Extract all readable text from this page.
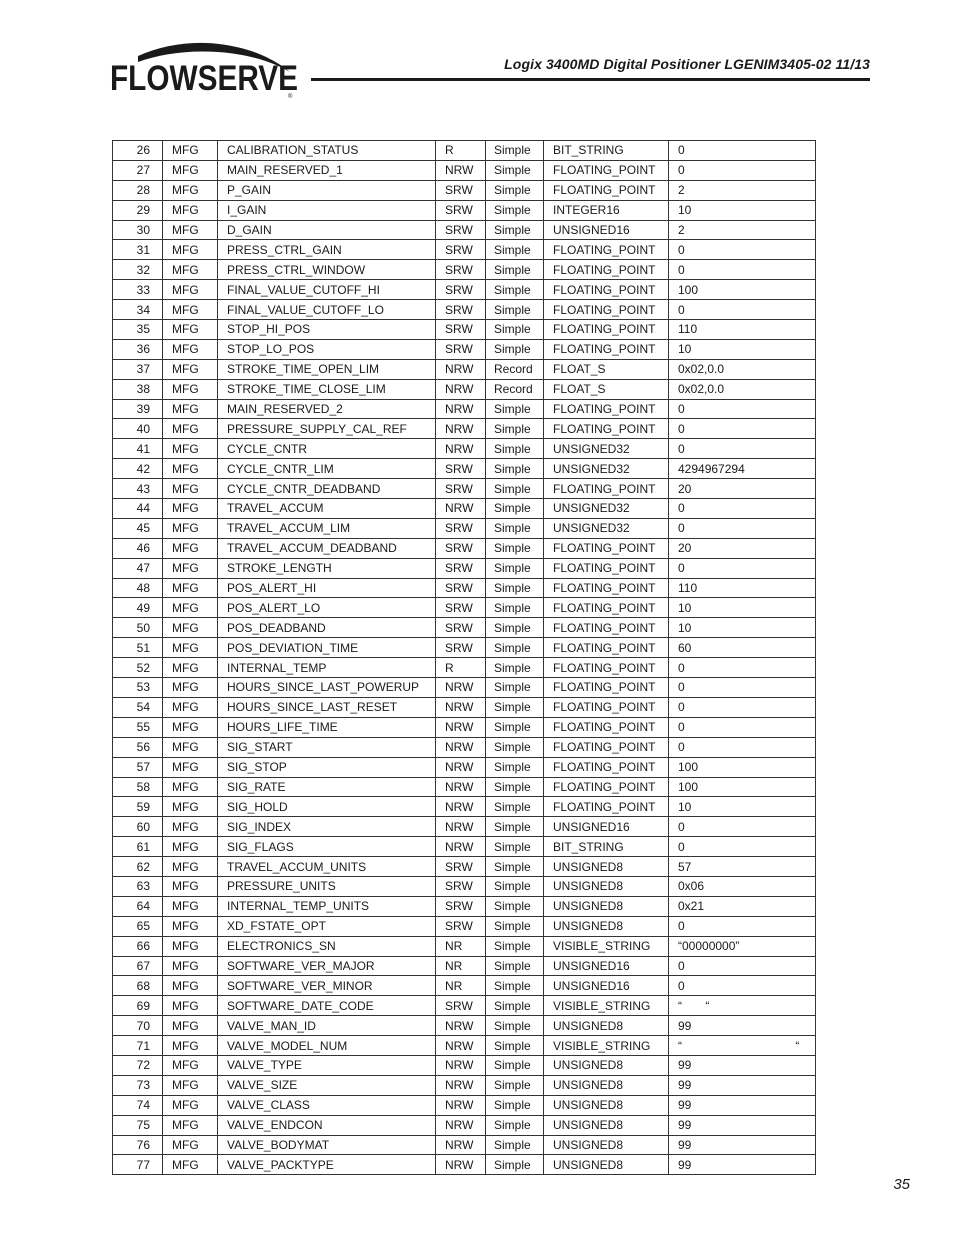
FLOWSERVE
®
Logix 3400MD Digital Positioner LGENIM3405-02 11/13
26	MFG	CALIBRATION_STATUS	R	Simple	BIT_STRING	0
27	MFG	MAIN_RESERVED_1	NRW	Simple	FLOATING_POINT	0
28	MFG	P_GAIN	SRW	Simple	FLOATING_POINT	2
29	MFG	I_GAIN	SRW	Simple	INTEGER16	10
30	MFG	D_GAIN	SRW	Simple	UNSIGNED16	2
31	MFG	PRESS_CTRL_GAIN	SRW	Simple	FLOATING_POINT	0
32	MFG	PRESS_CTRL_WINDOW	SRW	Simple	FLOATING_POINT	0
33	MFG	FINAL_VALUE_CUTOFF_HI	SRW	Simple	FLOATING_POINT	100
34	MFG	FINAL_VALUE_CUTOFF_LO	SRW	Simple	FLOATING_POINT	0
35	MFG	STOP_HI_POS	SRW	Simple	FLOATING_POINT	110
36	MFG	STOP_LO_POS	SRW	Simple	FLOATING_POINT	10
37	MFG	STROKE_TIME_OPEN_LIM	NRW	Record	FLOAT_S	0x02,0.0
38	MFG	STROKE_TIME_CLOSE_LIM	NRW	Record	FLOAT_S	0x02,0.0
39	MFG	MAIN_RESERVED_2	NRW	Simple	FLOATING_POINT	0
40	MFG	PRESSURE_SUPPLY_CAL_REF	NRW	Simple	FLOATING_POINT	0
41	MFG	CYCLE_CNTR	NRW	Simple	UNSIGNED32	0
42	MFG	CYCLE_CNTR_LIM	SRW	Simple	UNSIGNED32	4294967294
43	MFG	CYCLE_CNTR_DEADBAND	SRW	Simple	FLOATING_POINT	20
44	MFG	TRAVEL_ACCUM	NRW	Simple	UNSIGNED32	0
45	MFG	TRAVEL_ACCUM_LIM	SRW	Simple	UNSIGNED32	0
46	MFG	TRAVEL_ACCUM_DEADBAND	SRW	Simple	FLOATING_POINT	20
47	MFG	STROKE_LENGTH	SRW	Simple	FLOATING_POINT	0
48	MFG	POS_ALERT_HI	SRW	Simple	FLOATING_POINT	110
49	MFG	POS_ALERT_LO	SRW	Simple	FLOATING_POINT	10
50	MFG	POS_DEADBAND	SRW	Simple	FLOATING_POINT	10
51	MFG	POS_DEVIATION_TIME	SRW	Simple	FLOATING_POINT	60
52	MFG	INTERNAL_TEMP	R	Simple	FLOATING_POINT	0
53	MFG	HOURS_SINCE_LAST_POWERUP	NRW	Simple	FLOATING_POINT	0
54	MFG	HOURS_SINCE_LAST_RESET	NRW	Simple	FLOATING_POINT	0
55	MFG	HOURS_LIFE_TIME	NRW	Simple	FLOATING_POINT	0
56	MFG	SIG_START	NRW	Simple	FLOATING_POINT	0
57	MFG	SIG_STOP	NRW	Simple	FLOATING_POINT	100
58	MFG	SIG_RATE	NRW	Simple	FLOATING_POINT	100
59	MFG	SIG_HOLD	NRW	Simple	FLOATING_POINT	10
60	MFG	SIG_INDEX	NRW	Simple	UNSIGNED16	0
61	MFG	SIG_FLAGS	NRW	Simple	BIT_STRING	0
62	MFG	TRAVEL_ACCUM_UNITS	SRW	Simple	UNSIGNED8	57
63	MFG	PRESSURE_UNITS	SRW	Simple	UNSIGNED8	0x06
64	MFG	INTERNAL_TEMP_UNITS	SRW	Simple	UNSIGNED8	0x21
65	MFG	XD_FSTATE_OPT	SRW	Simple	UNSIGNED8	0
66	MFG	ELECTRONICS_SN	NR	Simple	VISIBLE_STRING	“00000000”
67	MFG	SOFTWARE_VER_MAJOR	NR	Simple	UNSIGNED16	0
68	MFG	SOFTWARE_VER_MINOR	NR	Simple	UNSIGNED16	0
69	MFG	SOFTWARE_DATE_CODE	SRW	Simple	VISIBLE_STRING	“       “
70	MFG	VALVE_MAN_ID	NRW	Simple	UNSIGNED8	99
71	MFG	VALVE_MODEL_NUM	NRW	Simple	VISIBLE_STRING	“                                  “
72	MFG	VALVE_TYPE	NRW	Simple	UNSIGNED8	99
73	MFG	VALVE_SIZE	NRW	Simple	UNSIGNED8	99
74	MFG	VALVE_CLASS	NRW	Simple	UNSIGNED8	99
75	MFG	VALVE_ENDCON	NRW	Simple	UNSIGNED8	99
76	MFG	VALVE_BODYMAT	NRW	Simple	UNSIGNED8	99
77	MFG	VALVE_PACKTYPE	NRW	Simple	UNSIGNED8	99
35
